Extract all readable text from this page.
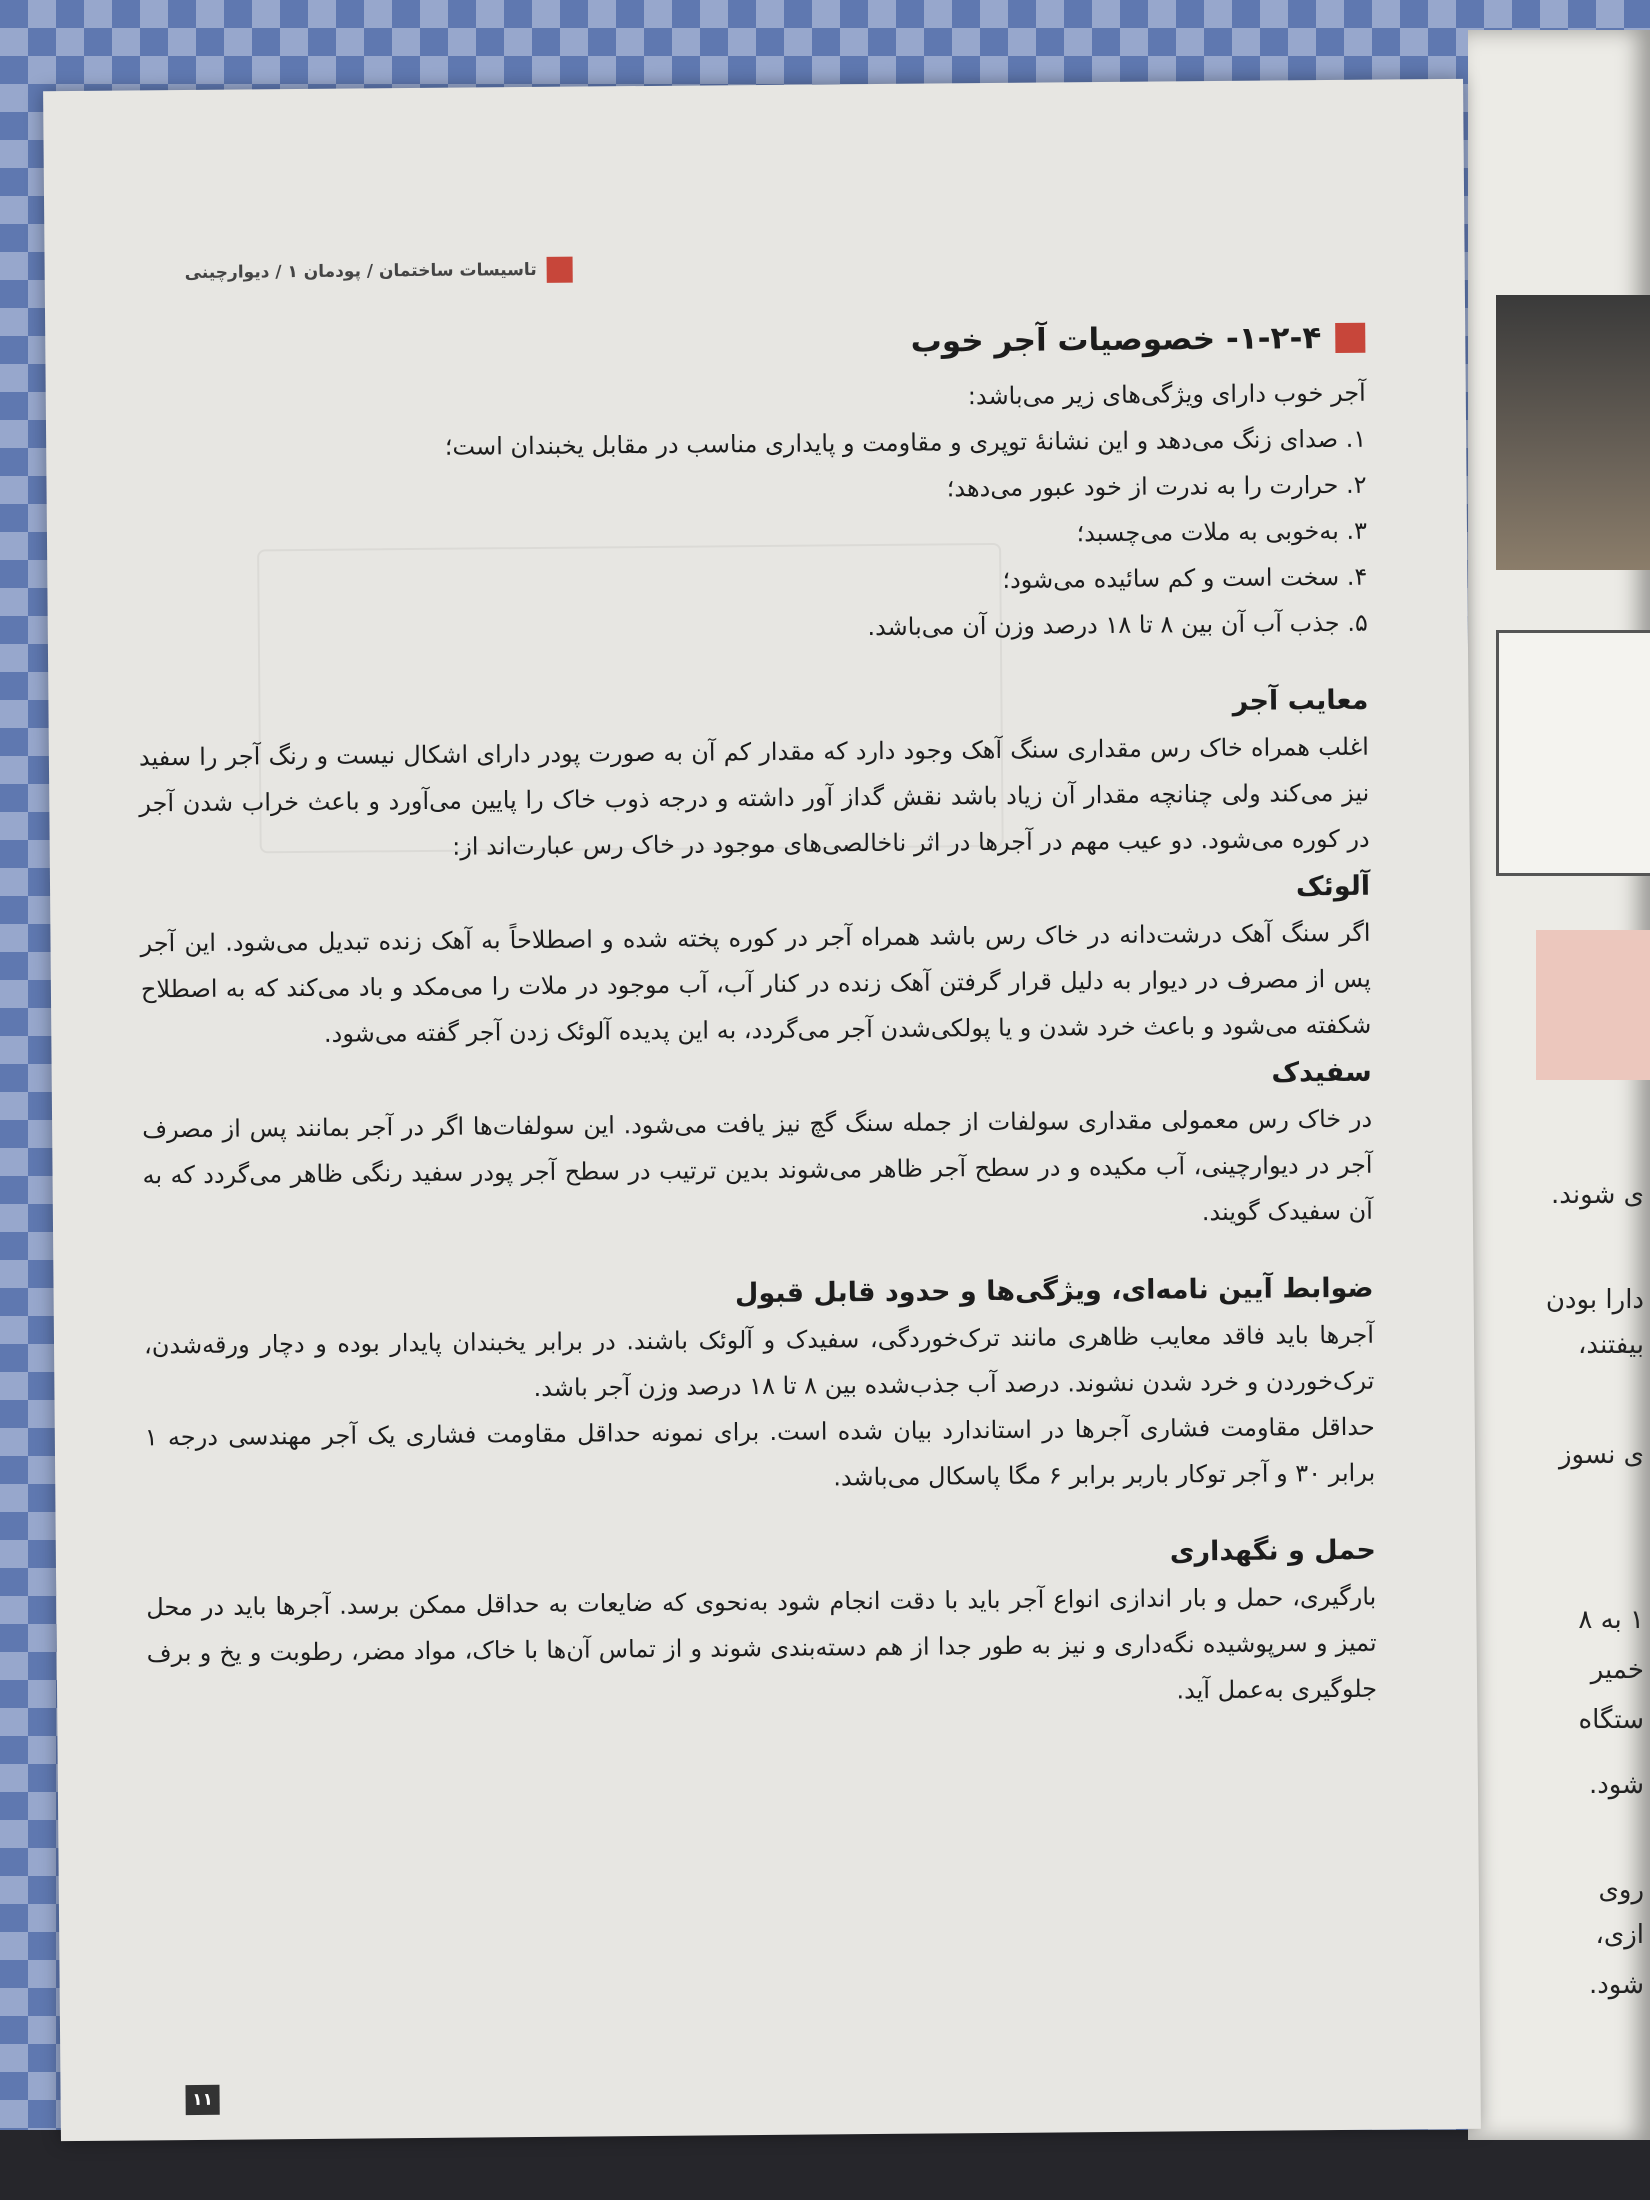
ی شوند.
دارا بودن
بیفتند،
ی نسوز
۱ به ۸
خمیر
ستگاه
شود.
روی
ازی،
شود.
تاسیسات ساختمان / پودمان ۱ / دیوارچینی
۱-۲-۴- خصوصیات آجر خوب

آجر خوب دارای ویژگی‌های زیر می‌باشد:

۱. صدای زنگ می‌دهد و این نشانهٔ توپری و مقاومت و پایداری مناسب در مقابل یخبندان است؛
۲. حرارت را به ندرت از خود عبور می‌دهد؛
۳. به‌خوبی به ملات می‌چسبد؛
۴. سخت است و کم سائیده می‌شود؛
۵. جذب آب آن بین ۸ تا ۱۸ درصد وزن آن می‌باشد.
معایب آجر

اغلب همراه خاک رس مقداری سنگ آهک وجود دارد که مقدار کم آن به صورت پودر دارای اشکال نیست و رنگ آجر را سفید نیز می‌کند ولی چنانچه مقدار آن زیاد باشد نقش گداز آور داشته و درجه ذوب خاک را پایین می‌آورد و باعث خراب شدن آجر در کوره می‌شود. دو عیب مهم در آجرها در اثر ناخالصی‌های موجود در خاک رس عبارت‌اند از:

آلوئک

اگر سنگ آهک درشت‌دانه در خاک رس باشد همراه آجر در کوره پخته شده و اصطلاحاً به آهک زنده تبدیل می‌شود. این آجر پس از مصرف در دیوار به دلیل قرار گرفتن آهک زنده در کنار آب، آب موجود در ملات را می‌مکد و باد می‌کند که به اصطلاح شکفته می‌شود و باعث خرد شدن و یا پولکی‌شدن آجر می‌گردد، به این پدیده آلوئک زدن آجر گفته می‌شود.

سفیدک

در خاک رس معمولی مقداری سولفات از جمله سنگ گچ نیز یافت می‌شود. این سولفات‌ها اگر در آجر بمانند پس از مصرف آجر در دیوارچینی، آب مکیده و در سطح آجر ظاهر می‌شوند بدین ترتیب در سطح آجر پودر سفید رنگی ظاهر می‌گردد که به آن سفیدک گویند.

ضوابط آیین نامه‌ای، ویژگی‌ها و حدود قابل قبول

آجرها باید فاقد معایب ظاهری مانند ترک‌خوردگی، سفیدک و آلوئک باشند. در برابر یخبندان پایدار بوده و دچار ورقه‌شدن، ترک‌خوردن و خرد شدن نشوند. درصد آب جذب‌شده بین ۸ تا ۱۸ درصد وزن آجر باشد.

حداقل مقاومت فشاری آجرها در استاندارد بیان شده است. برای نمونه حداقل مقاومت فشاری یک آجر مهندسی درجه ۱ برابر ۳۰ و آجر توکار باربر برابر ۶ مگا پاسکال می‌باشد.

حمل و نگهداری

بارگیری، حمل و بار اندازی انواع آجر باید با دقت انجام شود به‌نحوی که ضایعات به حداقل ممکن برسد. آجرها باید در محل تمیز و سرپوشیده نگه‌داری و نیز به طور جدا از هم دسته‌بندی شوند و از تماس آن‌ها با خاک، مواد مضر، رطوبت و یخ و برف جلوگیری به‌عمل آید.

۱۱
